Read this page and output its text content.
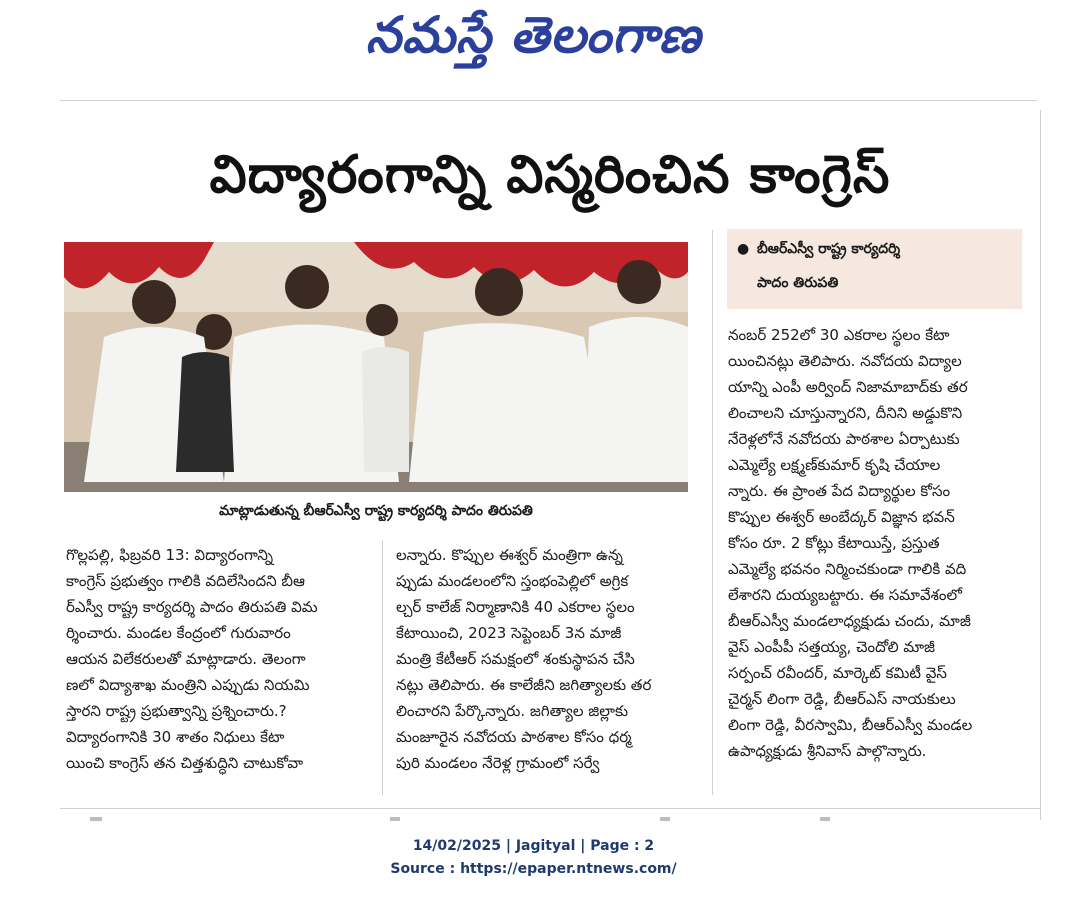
నమస్తే తెలంగాణ
విద్యారంగాన్ని విస్మరించిన కాంగ్రెస్
మాట్లాడుతున్న బీఆర్ఎస్వీ రాష్ట్ర కార్యదర్శి పాదం తిరుపతి
● బీఆర్ఎస్వీ రాష్ట్ర కార్యదర్శి
పాదం తిరుపతి
గొల్లపల్లి, ఫిబ్రవరి 13: విద్యారంగాన్ని
కాంగ్రెస్ ప్రభుత్వం గాలికి వదిలేసిందని బీఆ
ర్ఎస్వీ రాష్ట్ర కార్యదర్శి పాదం తిరుపతి విమ
ర్శించారు. మండల కేంద్రంలో గురువారం
ఆయన విలేకరులతో మాట్లాడారు. తెలంగా
ణలో విద్యాశాఖ మంత్రిని ఎప్పుడు నియమి
స్తారని రాష్ట్ర ప్రభుత్వాన్ని ప్రశ్నించారు.?
విద్యారంగానికి 30 శాతం నిధులు కేటా
యించి కాంగ్రెస్ తన చిత్తశుద్ధిని చాటుకోవా
లన్నారు. కొప్పుల ఈశ్వర్ మంత్రిగా ఉన్న
ప్పుడు మండలంలోని స్తంభంపెల్లిలో అగ్రిక
ల్చర్ కాలేజ్ నిర్మాణానికి 40 ఎకరాల స్థలం
కేటాయించి, 2023 సెప్టెంబర్ 3న మాజీ
మంత్రి కేటీఆర్ సమక్షంలో శంకుస్థాపన చేసి
నట్లు తెలిపారు. ఈ కాలేజీని జగిత్యాలకు తర
లించారని పేర్కొన్నారు. జగిత్యాల జిల్లాకు
మంజూరైన నవోదయ పాఠశాల కోసం ధర్మ
పురి మండలం నేరెళ్ల గ్రామంలో సర్వే
నంబర్ 252లో 30 ఎకరాల స్థలం కేటా
యించినట్లు తెలిపారు. నవోదయ విద్యాల
యాన్ని ఎంపీ అర్వింద్ నిజామాబాద్‌కు తర
లించాలని చూస్తున్నారని, దీనిని అడ్డుకొని
నేరెళ్లలోనే నవోదయ పాఠశాల ఏర్పాటుకు
ఎమ్మెల్యే లక్ష్మణ్‌కుమార్ కృషి చేయాల
న్నారు. ఈ ప్రాంత పేద విద్యార్థుల కోసం
కొప్పుల ఈశ్వర్ అంబేద్కర్ విజ్ఞాన భవన్
కోసం రూ. 2 కోట్లు కేటాయిస్తే, ప్రస్తుత
ఎమ్మెల్యే భవనం నిర్మించకుండా గాలికి వది
లేశారని దుయ్యబట్టారు. ఈ సమావేశంలో
బీఆర్ఎస్వీ మండలాధ్యక్షుడు చందు, మాజీ
వైస్ ఎంపీపీ సత్తయ్య, చెందోలి మాజీ
సర్పంచ్ రవీందర్, మార్కెట్ కమిటీ వైస్
చైర్మన్ లింగా రెడ్డి, బీఆర్ఎస్ నాయకులు
లింగా రెడ్డి, వీరస్వామి, బీఆర్ఎస్వీ మండల
ఉపాధ్యక్షుడు శ్రీనివాస్ పాల్గొన్నారు.
14/02/2025 | Jagityal | Page : 2
Source : https://epaper.ntnews.com/
